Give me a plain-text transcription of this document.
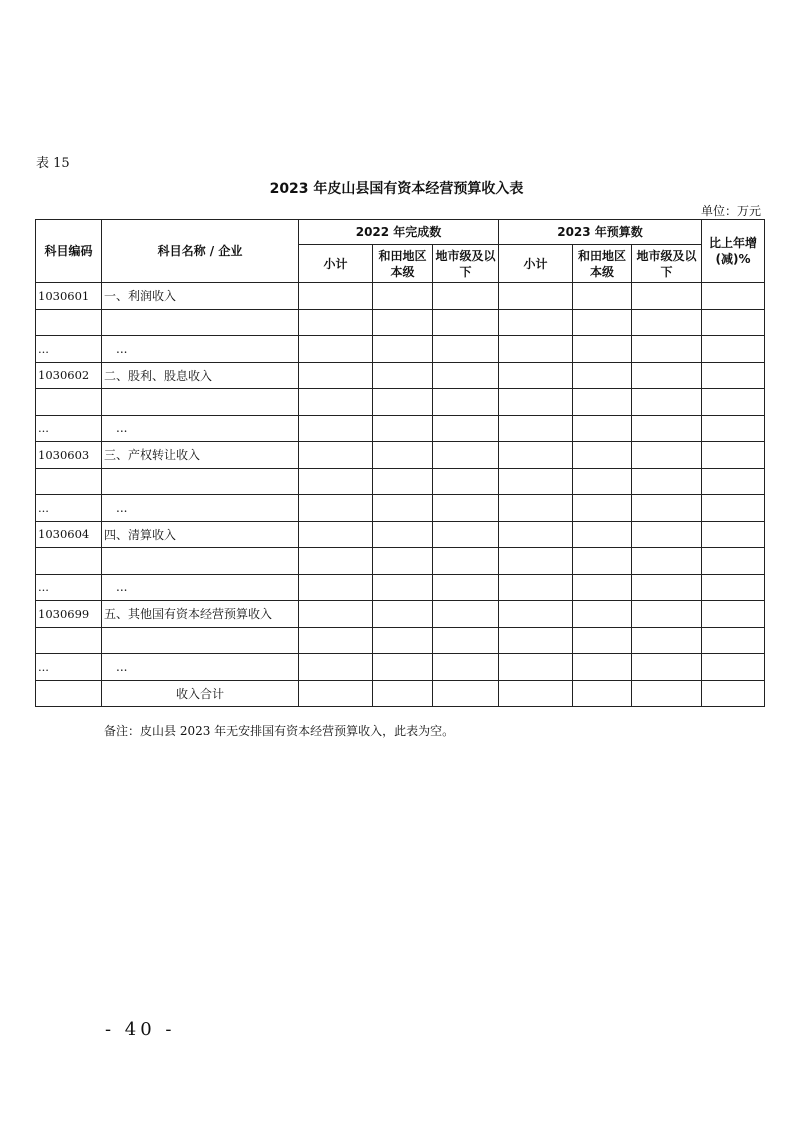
表 15
2023 年皮山县国有资本经营预算收入表
单位：万元
科目编码	科目名称 / 企业	2022 年完成数			2023 年预算数			比上年增(减)%
		小计	和田地区本级	地市级及以下	小计	和田地区本级	地市级及以下	
1030601	一、利润收入							

...	...							
1030602	二、股利、股息收入							

...	...							
1030603	三、产权转让收入							

...	...							
1030604	四、清算收入							

...	...							
1030699	五、其他国有资本经营预算收入							

...	...							
	收入合计							
备注：皮山县 2023 年无安排国有资本经营预算收入，此表为空。
- 40 -
